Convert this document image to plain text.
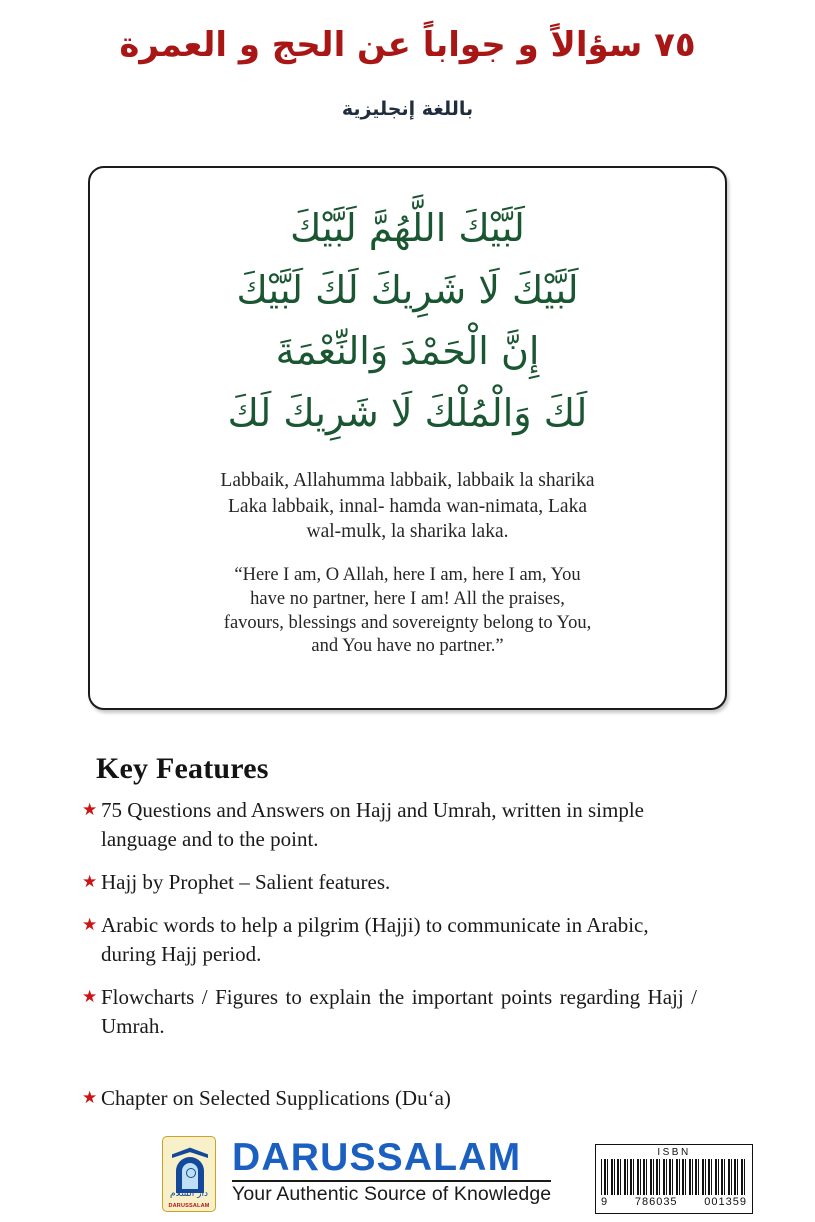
٧٥ سؤالاً و جواباً عن الحج و العمرة
باللغة إنجليزية
لَبَّيْكَ اللَّهُمَّ لَبَّيْكَ
لَبَّيْكَ لَا شَرِيكَ لَكَ لَبَّيْكَ
إِنَّ الْحَمْدَ وَالنِّعْمَةَ
لَكَ وَالْمُلْكَ لَا شَرِيكَ لَكَ
Labbaik, Allahumma labbaik, labbaik la sharika
Laka labbaik, innal- hamda wan-nimata, Laka
wal-mulk, la sharika laka.
“Here I am, O Allah, here I am, here I am, You
have no partner, here I am! All the praises,
favours, blessings and sovereignty belong to You,
and You have no partner.”
Key Features
★ 75 Questions and Answers on Hajj and Umrah, written in simple language and to the point.
★ Hajj by Prophet – Salient features.
★ Arabic words to help a pilgrim (Hajji) to communicate in Arabic, during Hajj period.
★ Flowcharts / Figures to explain the important points regarding Hajj / Umrah.
★ Chapter on Selected Supplications (Du‘a)
دار السلام
DARUSSALAM
DARUSSALAM
Your Authentic Source of Knowledge
ISBN
9 786035 001359
